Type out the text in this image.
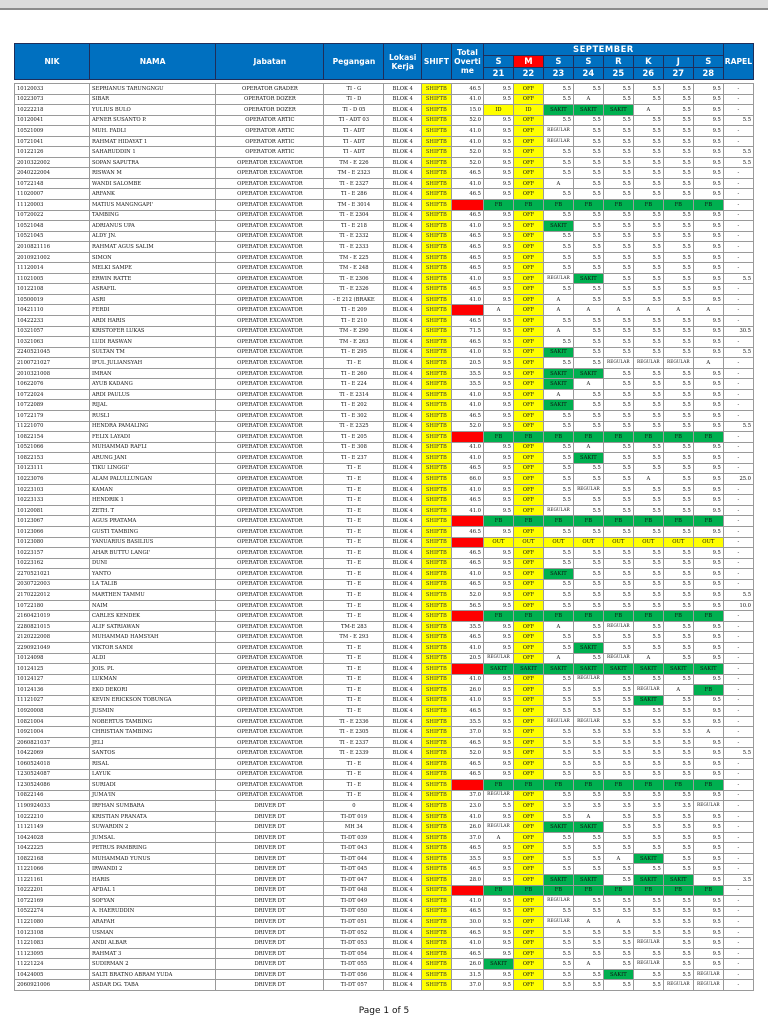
NIK	NAMA	Jabatan	Pegangan	Lokasi Kerja	SHIFT	Total Overti me	SEPTEMBER								RAPEL
							S	M	S	S	R	K	J	S	
							21	22	23	24	25	26	27	28	

10120033	SEPRIANUS TARUNGNGU	OPERATOR GRADER	TI - G	BLOK 4	SHIFTB	46.5	9.5	OFF	5.5	5.5	5.5	5.5	5.5	9.5	-
10223073	SIBAR	OPERATOR DOZER	TI - D	BLOK 4	SHIFTB	41.0	9.5	OFF	5.5	A	5.5	5.5	5.5	9.5	-
10222218	YULIUS BULO	OPERATOR DOZER	TI - D 05	BLOK 4	SHIFTB	15.0	ID	ID	SAKIT	SAKIT	SAKIT	A	5.5	9.5	-
10120041	AFNER SUSANTO P.	OPERATOR ARTIC	TI - ADT 03	BLOK 4	SHIFTB	52.0	9.5	OFF	5.5	5.5	5.5	5.5	5.5	9.5	5.5
10521009	MUH. FADLI	OPERATOR ARTIC	TI - ADT	BLOK 4	SHIFTB	41.0	9.5	OFF	REGULAR	5.5	5.5	5.5	5.5	9.5	-
10721041	RAHMAT HIDAYAT 1	OPERATOR ARTIC	TI - ADT	BLOK 4	SHIFTB	41.0	9.5	OFF	REGULAR	5.5	5.5	5.5	5.5	9.5	-
10122126	SAHARUDDIN 1	OPERATOR ARTIC	TI - ADT	BLOK 4	SHIFTB	52.0	9.5	OFF	5.5	5.5	5.5	5.5	5.5	9.5	5.5
2010322002	SOPAN SAPUTRA	OPERATOR EXCAVATOR	TM - E 226	BLOK 4	SHIFTB	52.0	9.5	OFF	5.5	5.5	5.5	5.5	5.5	9.5	5.5
2040222004	RISWAN M	OPERATOR EXCAVATOR	TM - E 2323	BLOK 4	SHIFTB	46.5	9.5	OFF	5.5	5.5	5.5	5.5	5.5	9.5	-
10722148	WANDI SALOMBE	OPERATOR EXCAVATOR	TI - E 2327	BLOK 4	SHIFTB	41.0	9.5	OFF	A	5.5	5.5	5.5	5.5	9.5	-
11020007	ARFANK	OPERATOR EXCAVATOR	TI - E 286	BLOK 4	SHIFTB	46.5	9.5	OFF	5.5	5.5	5.5	5.5	5.5	9.5	-
11120003	MATIUS MANGNGAPI'	OPERATOR EXCAVATOR	TM - E 3014	BLOK 4	SHIFTB		FB	FB	FB	FB	FB	FB	FB	FB	-
10720022	TAMBING	OPERATOR EXCAVATOR	TI - E 2304	BLOK 4	SHIFTB	46.5	9.5	OFF	5.5	5.5	5.5	5.5	5.5	9.5	-
10521048	ADRIANUS UPA	OPERATOR EXCAVATOR	TI - E 218	BLOK 4	SHIFTB	41.0	9.5	OFF	SAKIT	5.5	5.5	5.5	5.5	9.5	-
10521045	ALDY JN.	OPERATOR EXCAVATOR	TI - E 2332	BLOK 4	SHIFTB	46.5	9.5	OFF	5.5	5.5	5.5	5.5	5.5	9.5	-
2010821116	RAHMAT AGUS SALIM	OPERATOR EXCAVATOR	TI - E 2333	BLOK 4	SHIFTB	46.5	9.5	OFF	5.5	5.5	5.5	5.5	5.5	9.5	-
2010921002	SIMON	OPERATOR EXCAVATOR	TM - E 225	BLOK 4	SHIFTB	46.5	9.5	OFF	5.5	5.5	5.5	5.5	5.5	9.5	-
11120014	MELKI SAMPE	OPERATOR EXCAVATOR	TM - E 248	BLOK 4	SHIFTB	46.5	9.5	OFF	5.5	5.5	5.5	5.5	5.5	9.5	-
11021005	ERWIN RATTE	OPERATOR EXCAVATOR	TI - E 2306	BLOK 4	SHIFTB	41.0	9.5	OFF	REGULAR	SAKIT	5.5	5.5	5.5	9.5	5.5
10122108	ASRAFIL	OPERATOR EXCAVATOR	TI - E 2326	BLOK 4	SHIFTB	46.5	9.5	OFF	5.5	5.5	5.5	5.5	5.5	9.5	-
10500019	ASRI	OPERATOR EXCAVATOR	- E 212 (BRAKE	BLOK 4	SHIFTB	41.0	9.5	OFF	A	5.5	5.5	5.5	5.5	9.5	-
10421110	FERDI	OPERATOR EXCAVATOR	TI - E 209	BLOK 4	SHIFTB		A	OFF	A	A	A	A	A	A	-
10422233	ARDI HARIS	OPERATOR EXCAVATOR	TI - E 210	BLOK 4	SHIFTB	46.5	9.5	OFF	5.5	5.5	5.5	5.5	5.5	9.5	-
10321057	KRISTOFER LUKAS	OPERATOR EXCAVATOR	TM - E 290	BLOK 4	SHIFTB	71.5	9.5	OFF	A	5.5	5.5	5.5	5.5	9.5	30.5
10321063	LUDI RASWAN	OPERATOR EXCAVATOR	TM - E 263	BLOK 4	SHIFTB	46.5	9.5	OFF	5.5	5.5	5.5	5.5	5.5	9.5	-
2240521045	SULTAN TM	OPERATOR EXCAVATOR	TI - E 295	BLOK 4	SHIFTB	41.0	9.5	OFF	SAKIT	5.5	5.5	5.5	5.5	9.5	5.5
2100721027	IFUL JULIANSYAH	OPERATOR EXCAVATOR	TI - E	BLOK 4	SHIFTB	20.5	9.5	OFF	5.5	5.5	REGULAR	REGULAR	REGULAR	A	-
2010321008	IMRAN	OPERATOR EXCAVATOR	TI - E 260	BLOK 4	SHIFTB	35.5	9.5	OFF	SAKIT	SAKIT	5.5	5.5	5.5	9.5	-
10622076	AYUB KADANG	OPERATOR EXCAVATOR	TI - E 224	BLOK 4	SHIFTB	35.5	9.5	OFF	SAKIT	A	5.5	5.5	5.5	9.5	-
10722024	ARDI PAULUS	OPERATOR EXCAVATOR	TI - E 2314	BLOK 4	SHIFTB	41.0	9.5	OFF	A	5.5	5.5	5.5	5.5	9.5	-
10722089	RIJAL	OPERATOR EXCAVATOR	TI - E 202	BLOK 4	SHIFTB	41.0	9.5	OFF	SAKIT	5.5	5.5	5.5	5.5	9.5	-
10722179	RUSLI	OPERATOR EXCAVATOR	TI - E 302	BLOK 4	SHIFTB	46.5	9.5	OFF	5.5	5.5	5.5	5.5	5.5	9.5	-
11221070	HENDRA PAMALING	OPERATOR EXCAVATOR	TI - E 2325	BLOK 4	SHIFTB	52.0	9.5	OFF	5.5	5.5	5.5	5.5	5.5	9.5	5.5
10822154	FELIX LAYADI	OPERATOR EXCAVATOR	TI - E 205	BLOK 4	SHIFTB		FB	FB	FB	FB	FB	FB	FB	FB	-
10521066	MUHAMMAD RAFLI	OPERATOR EXCAVATOR	TI - E 308	BLOK 4	SHIFTB	41.0	9.5	OFF	5.5	A	5.5	5.5	5.5	9.5	-
10822153	ARUNG JANI	OPERATOR EXCAVATOR	TI - E 237	BLOK 4	SHIFTB	41.0	9.5	OFF	5.5	SAKIT	5.5	5.5	5.5	9.5	-
10123111	TIKU LINGGI'	OPERATOR EXCAVATOR	TI - E	BLOK 4	SHIFTB	46.5	9.5	OFF	5.5	5.5	5.5	5.5	5.5	9.5	-
10223076	ALAM PALULLUNGAN	OPERATOR EXCAVATOR	TI - E	BLOK 4	SHIFTB	66.0	9.5	OFF	5.5	5.5	5.5	A	5.5	9.5	25.0
10223103	KAMAN	OPERATOR EXCAVATOR	TI - E	BLOK 4	SHIFTB	41.0	9.5	OFF	5.5	REGULAR	5.5	5.5	5.5	9.5	-
10223133	HENDRIK 1	OPERATOR EXCAVATOR	TI - E	BLOK 4	SHIFTB	46.5	9.5	OFF	5.5	5.5	5.5	5.5	5.5	9.5	-
10120081	ZETH. T	OPERATOR EXCAVATOR	TI - E	BLOK 4	SHIFTB	41.0	9.5	OFF	REGULAR	5.5	5.5	5.5	5.5	9.5	-
10123067	AGUS PRATAMA	OPERATOR EXCAVATOR	TI - E	BLOK 4	SHIFTB		FB	FB	FB	FB	FB	FB	FB	FB	-
10123066	GUSTI TAMBING	OPERATOR EXCAVATOR	TI - E	BLOK 4	SHIFTB	46.5	9.5	OFF	5.5	5.5	5.5	5.5	5.5	9.5	-
10123080	YANUARIUS BASILIUS	OPERATOR EXCAVATOR	TI - E	BLOK 4	SHIFTB		OUT	OUT	OUT	OUT	OUT	OUT	OUT	OUT	-
10223157	AHAR BUTTU LANGI'	OPERATOR EXCAVATOR	TI - E	BLOK 4	SHIFTB	46.5	9.5	OFF	5.5	5.5	5.5	5.5	5.5	9.5	-
10223162	DUNI	OPERATOR EXCAVATOR	TI - E	BLOK 4	SHIFTB	46.5	9.5	OFF	5.5	5.5	5.5	5.5	5.5	9.5	-
2270521021	YANTO	OPERATOR EXCAVATOR	TI - E	BLOK 4	SHIFTB	41.0	9.5	OFF	SAKIT	5.5	5.5	5.5	5.5	9.5	-
2030722003	LA TALIB	OPERATOR EXCAVATOR	TI - E	BLOK 4	SHIFTB	46.5	9.5	OFF	5.5	5.5	5.5	5.5	5.5	9.5	-
2170222012	MARTHEN TAMMU	OPERATOR EXCAVATOR	TI - E	BLOK 4	SHIFTB	52.0	9.5	OFF	5.5	5.5	5.5	5.5	5.5	9.5	5.5
10722180	NAIM	OPERATOR EXCAVATOR	TI - E	BLOK 4	SHIFTB	56.5	9.5	OFF	5.5	5.5	5.5	5.5	5.5	9.5	10.0
2160421019	CARLES KENDEK	OPERATOR EXCAVATOR	TI - E	BLOK 4	SHIFTB		FB	FB	FB	FB	FB	FB	FB	FB	-
2280821015	ALIF SATRIAWAN	OPERATOR EXCAVATOR	TM-E 283	BLOK 4	SHIFTB	35.5	9.5	OFF	A	5.5	REGULAR	5.5	5.5	9.5	-
2120222008	MUHAMMAD HAMSYAH	OPERATOR EXCAVATOR	TM - E 293	BLOK 4	SHIFTB	46.5	9.5	OFF	5.5	5.5	5.5	5.5	5.5	9.5	-
2290921049	VIKTOR SANDI	OPERATOR EXCAVATOR	TI - E	BLOK 4	SHIFTB	41.0	9.5	OFF	5.5	SAKIT	5.5	5.5	5.5	9.5	-
10124098	ALDI	OPERATOR EXCAVATOR	TI - E	BLOK 4	SHIFTB	20.5	REGULAR	OFF	A	5.5	REGULAR	A	5.5	9.5	-
10124125	JOIS. PL	OPERATOR EXCAVATOR	TI - E	BLOK 4	SHIFTB		SAKIT	SAKIT	SAKIT	SAKIT	SAKIT	SAKIT	SAKIT	SAKIT	-
10124127	LUKMAN	OPERATOR EXCAVATOR	TI - E	BLOK 4	SHIFTB	41.0	9.5	OFF	5.5	REGULAR	5.5	5.5	5.5	9.5	-
10124136	EKO DEKORI	OPERATOR EXCAVATOR	TI - E	BLOK 4	SHIFTB	26.0	9.5	OFF	5.5	5.5	5.5	REGULAR	A	FB	-
11121027	KEVIN ERICKSON TOBUNGA	OPERATOR EXCAVATOR	TI - E	BLOK 4	SHIFTB	41.0	9.5	OFF	5.5	5.5	5.5	SAKIT	5.5	9.5	-
10920008	JUSMIN	OPERATOR EXCAVATOR	TI - E	BLOK 4	SHIFTB	46.5	9.5	OFF	5.5	5.5	5.5	5.5	5.5	9.5	-
10821004	NOBERTUS TAMBING	OPERATOR EXCAVATOR	TI - E 2336	BLOK 4	SHIFTB	35.5	9.5	OFF	REGULAR	REGULAR	5.5	5.5	5.5	9.5	-
10921004	CHRISTIAN TAMBING	OPERATOR EXCAVATOR	TI - E 2305	BLOK 4	SHIFTB	37.0	9.5	OFF	5.5	5.5	5.5	5.5	5.5	A	-
2060821037	JELI	OPERATOR EXCAVATOR	TI - E 2337	BLOK 4	SHIFTB	46.5	9.5	OFF	5.5	5.5	5.5	5.5	5.5	9.5	-
10422069	SANTOS	OPERATOR EXCAVATOR	TI - E 2339	BLOK 4	SHIFTB	52.0	9.5	OFF	5.5	5.5	5.5	5.5	5.5	9.5	5.5
1060524018	RISAL	OPERATOR EXCAVATOR	TI - E	BLOK 4	SHIFTB	46.5	9.5	OFF	5.5	5.5	5.5	5.5	5.5	9.5	-
1230524087	LAYUK	OPERATOR EXCAVATOR	TI - E	BLOK 4	SHIFTB	46.5	9.5	OFF	5.5	5.5	5.5	5.5	5.5	9.5	-
1230524086	SURIADI	OPERATOR EXCAVATOR	TI - E	BLOK 4	SHIFTB		FB	FB	FB	FB	FB	FB	FB	FB	-
10822146	JUMA'IN	OPERATOR EXCAVATOR	TI - E	BLOK 4	SHIFTB	37.0	REGULAR	OFF	5.5	5.5	5.5	5.5	5.5	9.5	-
1190924033	IRFHAN SUMBARA	DRIVER DT	0	BLOK 4	SHIFTB	23.0	5.5	OFF	3.5	3.5	3.5	3.5	3.5	REGULAR	-
10222210	KRISTIAN PRANATA	DRIVER DT	TI-DT 019	BLOK 4	SHIFTB	41.0	9.5	OFF	5.5	A	5.5	5.5	5.5	9.5	-
11121149	SUWARDIN 2	DRIVER DT	MH 34	BLOK 4	SHIFTB	26.0	REGULAR	OFF	SAKIT	SAKIT	5.5	5.5	5.5	9.5	-
10424028	JUMSAL	DRIVER DT	TI-DT 039	BLOK 4	SHIFTB	37.0	A	OFF	5.5	5.5	5.5	5.5	5.5	9.5	-
10422225	PETRUS PAMBRING	DRIVER DT	TI-DT 043	BLOK 4	SHIFTB	46.5	9.5	OFF	5.5	5.5	5.5	5.5	5.5	9.5	-
10822168	MUHAMMAD YUNUS	DRIVER DT	TI-DT 044	BLOK 4	SHIFTB	35.5	9.5	OFF	5.5	5.5	A	SAKIT	5.5	9.5	-
11221066	IRWANDI 2	DRIVER DT	TI-DT 045	BLOK 4	SHIFTB	46.5	9.5	OFF	5.5	5.5	5.5	5.5	5.5	9.5	-
11221161	HARIS	DRIVER DT	TI-DT 047	BLOK 4	SHIFTB	28.0	9.5	OFF	SAKIT	SAKIT	5.5	SAKIT	SAKIT	9.5	3.5
10222201	AFDAL 1	DRIVER DT	TI-DT 048	BLOK 4	SHIFTB		FB	FB	FB	FB	FB	FB	FB	FB	-
10722169	SOFYAN	DRIVER DT	TI-DT 049	BLOK 4	SHIFTB	41.0	9.5	OFF	REGULAR	5.5	5.5	5.5	5.5	9.5	-
10522274	A. HAERUDDIN	DRIVER DT	TI-DT 050	BLOK 4	SHIFTB	46.5	9.5	OFF	5.5	5.5	5.5	5.5	5.5	9.5	-
11221080	ARAFAH	DRIVER DT	TI-DT 051	BLOK 4	SHIFTB	30.0	9.5	OFF	REGULAR	A	A	5.5	5.5	9.5	-
10123108	USMAN	DRIVER DT	TI-DT 052	BLOK 4	SHIFTB	46.5	9.5	OFF	5.5	5.5	5.5	5.5	5.5	9.5	-
11221083	ANDI ALBAR	DRIVER DT	TI-DT 053	BLOK 4	SHIFTB	41.0	9.5	OFF	5.5	5.5	5.5	REGULAR	5.5	9.5	-
11123095	RAHMAT 3	DRIVER DT	TI-DT 054	BLOK 4	SHIFTB	46.5	9.5	OFF	5.5	5.5	5.5	5.5	5.5	9.5	-
11221224	SUDIRMAN 2	DRIVER DT	TI-DT 055	BLOK 4	SHIFTB	26.0	SAKIT	OFF	5.5	A	5.5	REGULAR	5.5	9.5	-
10424005	SALTI BRATNO ABRAM YUDA	DRIVER DT	TI-DT 056	BLOK 4	SHIFTB	31.5	9.5	OFF	5.5	5.5	SAKIT	5.5	5.5	REGULAR	-
2060921006	ASDAR DG. TABA	DRIVER DT	TI-DT 057	BLOK 4	SHIFTB	37.0	9.5	OFF	5.5	5.5	5.5	5.5	REGULAR	REGULAR	-
Page 1 of 5
